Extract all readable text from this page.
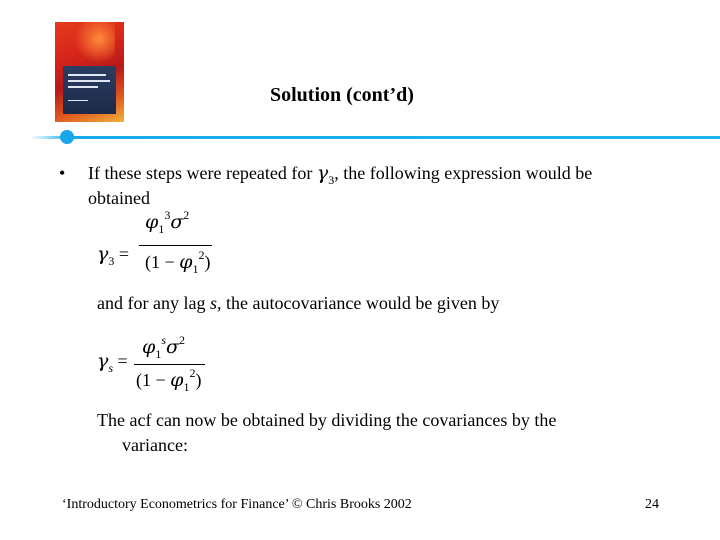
Solution (cont’d)
• If these steps were repeated for $\gamma_3$, the following expression would be
obtained
$\gamma_3$ =
$\varphi_1^3\sigma^2$
$(1 - \varphi_1^2)$
and for any lag s, the autocovariance would be given by
$\gamma_s$ =
$\varphi_1^s\sigma^2$
$(1 - \varphi_1^2)$
The acf can now be obtained by dividing the covariances by the
variance:
‘Introductory Econometrics for Finance’ © Chris Brooks 2002	24
